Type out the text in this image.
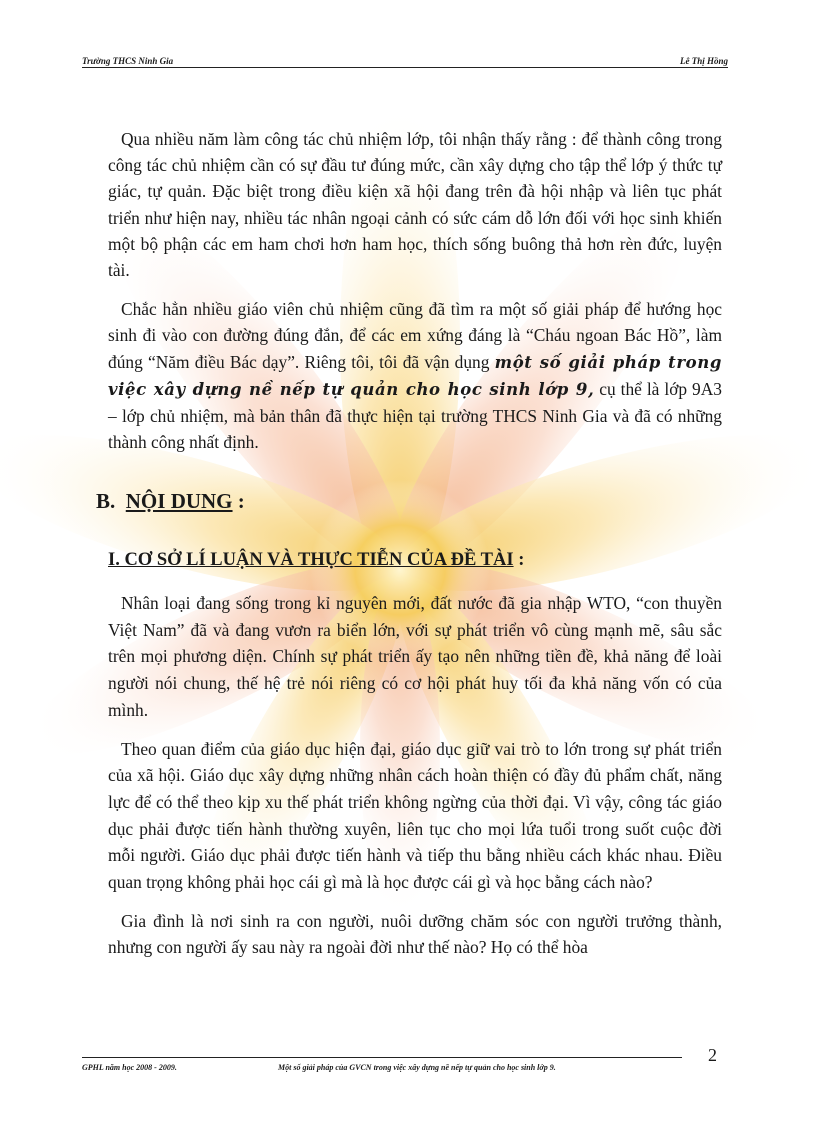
Trường THCS Ninh Gia	Lê Thị Hồng

Qua nhiều năm làm công tác chủ nhiệm lớp, tôi nhận thấy rằng : để thành công trong công tác chủ nhiệm cần có sự đầu tư đúng mức, cần xây dựng cho tập thể lớp ý thức tự giác, tự quản. Đặc biệt trong điều kiện xã hội đang trên đà hội nhập và liên tục phát triển như hiện nay, nhiều tác nhân ngoại cảnh có sức cám dỗ lớn đối với học sinh khiến một bộ phận các em ham chơi hơn ham học, thích sống buông thả hơn rèn đức, luyện tài.

Chắc hẳn nhiều giáo viên chủ nhiệm cũng đã tìm ra một số giải pháp để hướng học sinh đi vào con đường đúng đắn, để các em xứng đáng là “Cháu ngoan Bác Hồ”, làm đúng “Năm điều Bác dạy”. Riêng tôi, tôi đã vận dụng một số giải pháp trong việc xây dựng nề nếp tự quản cho học sinh lớp 9, cụ thể là lớp 9A3 – lớp chủ nhiệm, mà bản thân đã thực hiện tại trường THCS Ninh Gia và đã có những thành công nhất định.

B. NỘI DUNG :
I. CƠ SỞ LÍ LUẬN VÀ THỰC TIỄN CỦA ĐỀ TÀI :

Nhân loại đang sống trong kỉ nguyên mới, đất nước đã gia nhập WTO, “con thuyền Việt Nam” đã và đang vươn ra biển lớn, với sự phát triển vô cùng mạnh mẽ, sâu sắc trên mọi phương diện. Chính sự phát triển ấy tạo nên những tiền đề, khả năng để loài người nói chung, thế hệ trẻ nói riêng có cơ hội phát huy tối đa khả năng vốn có của mình.

Theo quan điểm của giáo dục hiện đại, giáo dục giữ vai trò to lớn trong sự phát triển của xã hội. Giáo dục xây dựng những nhân cách hoàn thiện có đầy đủ phẩm chất, năng lực để có thể theo kịp xu thế phát triển không ngừng của thời đại. Vì vậy, công tác giáo dục phải được tiến hành thường xuyên, liên tục cho mọi lứa tuổi trong suốt cuộc đời mỗi người. Giáo dục phải được tiến hành và tiếp thu bằng nhiều cách khác nhau. Điều quan trọng không phải học cái gì mà là học được cái gì và học bằng cách nào?

Gia đình là nơi sinh ra con người, nuôi dưỡng chăm sóc con người trưởng thành, nhưng con người ấy sau này ra ngoài đời như thế nào? Họ có thể hòa

2
GPHL năm học 2008 - 2009.	Một số giải pháp của GVCN trong việc xây dựng nề nếp tự quản cho học sinh lớp 9.
